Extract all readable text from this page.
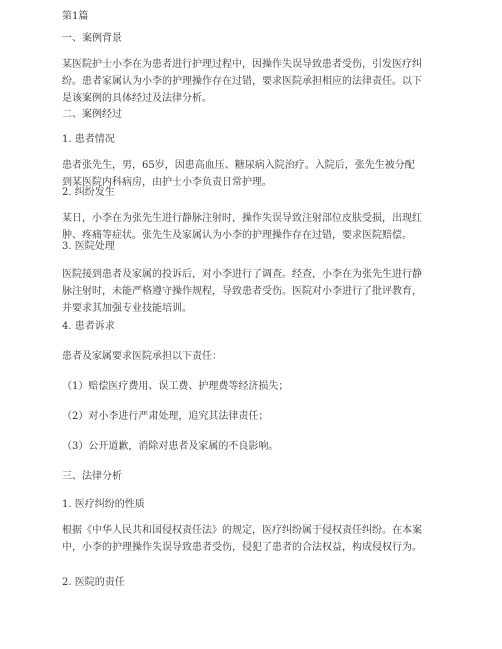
第1篇
一、案例背景
某医院护士小李在为患者进行护理过程中，因操作失误导致患者受伤，引发医疗纠
纷。患者家属认为小李的护理操作存在过错，要求医院承担相应的法律责任。以下
是该案例的具体经过及法律分析。
二、案例经过
1. 患者情况
患者张先生，男，65岁，因患高血压、糖尿病入院治疗。入院后，张先生被分配
到某医院内科病房，由护士小李负责日常护理。
2. 纠纷发生
某日，小李在为张先生进行静脉注射时，操作失误导致注射部位皮肤受损，出现红
肿、疼痛等症状。张先生及家属认为小李的护理操作存在过错，要求医院赔偿。
3. 医院处理
医院接到患者及家属的投诉后，对小李进行了调查。经查，小李在为张先生进行静
脉注射时，未能严格遵守操作规程，导致患者受伤。医院对小李进行了批评教育，
并要求其加强专业技能培训。
4. 患者诉求
患者及家属要求医院承担以下责任：
（1）赔偿医疗费用、误工费、护理费等经济损失；
（2）对小李进行严肃处理，追究其法律责任；
（3）公开道歉，消除对患者及家属的不良影响。
三、法律分析
1. 医疗纠纷的性质
根据《中华人民共和国侵权责任法》的规定，医疗纠纷属于侵权责任纠纷。在本案
中，小李的护理操作失误导致患者受伤，侵犯了患者的合法权益，构成侵权行为。
2. 医院的责任
